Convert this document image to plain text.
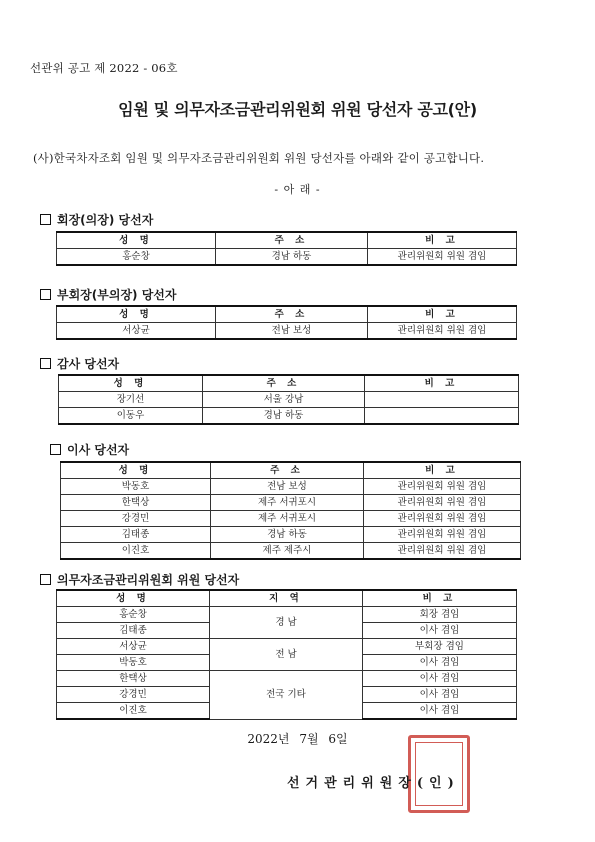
선관위 공고 제 2022 - 06호
임원 및 의무자조금관리위원회 위원 당선자 공고(안)
(사)한국차자조회 임원 및 의무자조금관리위원회 위원 당선자를 아래와 같이 공고합니다.
- 아 래 -
회장(의장) 당선자
성 명	주 소	비 고
홍순창	경남 하동	관리위원회 위원 겸임
부회장(부의장) 당선자
성 명	주 소	비 고
서상균	전남 보성	관리위원회 위원 겸임
감사 당선자
성 명	주 소	비 고
장기선	서울 강남	
이동우	경남 하동	
이사 당선자
성 명	주 소	비 고
박동호	전남 보성	관리위원회 위원 겸임
한택상	제주 서귀포시	관리위원회 위원 겸임
강경민	제주 서귀포시	관리위원회 위원 겸임
김태종	경남 하동	관리위원회 위원 겸임
이진호	제주 제주시	관리위원회 위원 겸임
의무자조금관리위원회 위원 당선자
성 명	지 역	비 고
홍순창	경 남	회장 겸임
김태종		이사 겸임
서상균	전 남	부회장 겸임
박동호		이사 겸임
한택상	전국 기타	이사 겸임
강경민		이사 겸임
이진호		이사 겸임
2022년 7월 6일
선거관리위원장(인)
